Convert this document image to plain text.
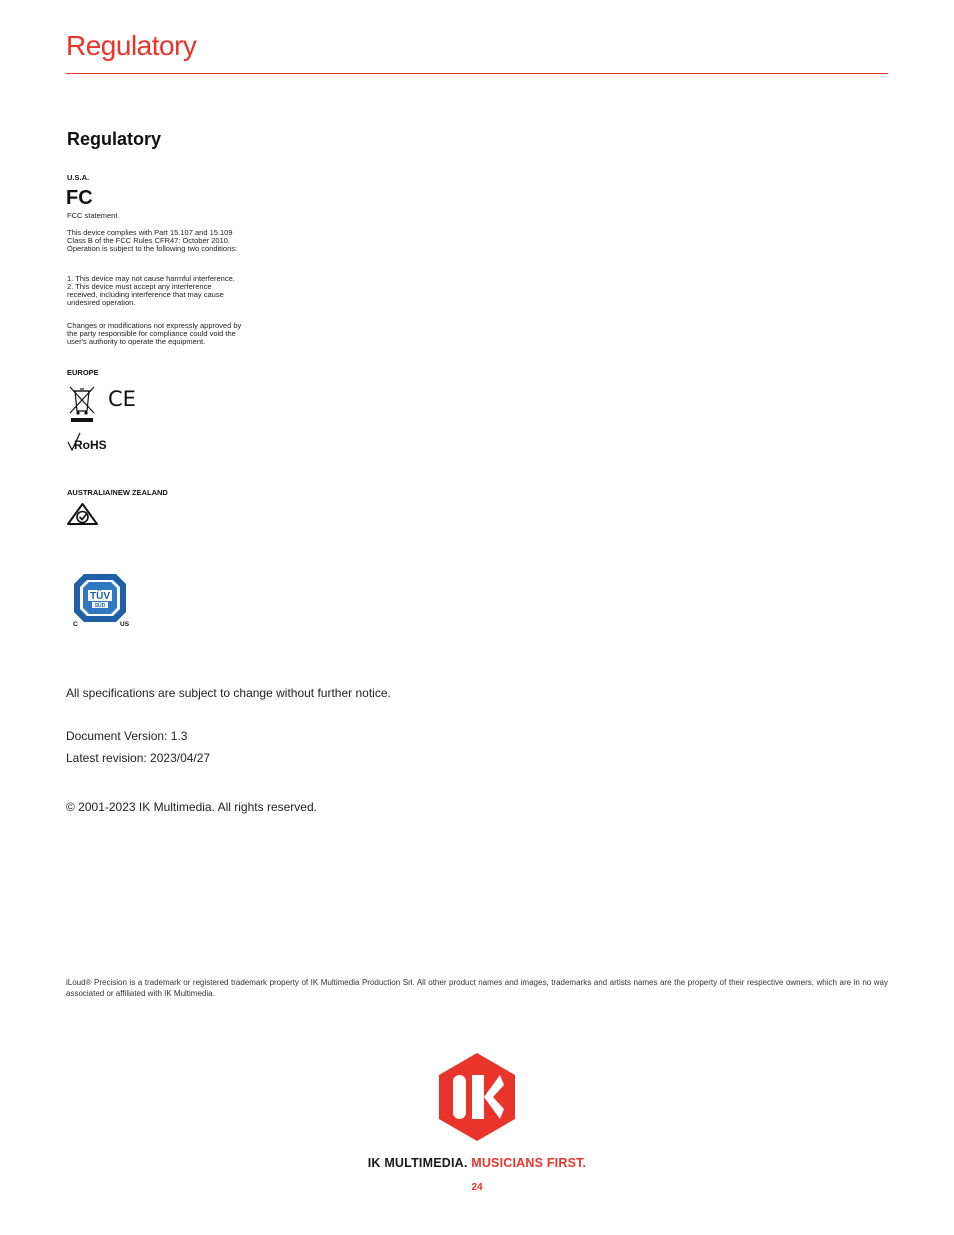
Regulatory
Regulatory
U.S.A.
FC
FCC statement
This device complies with Part 15.107 and 15.109 Class B of the FCC Rules CFR47: October 2010. Operation is subject to the following two conditions:
1. This device may not cause harmful interference. 2. This device must accept any interference received, including interference that may cause undesired operation.
Changes or modifications not expressly approved by the party responsible for compliance could void the user's authority to operate the equipment.
EUROPE
CE
RoHS
AUSTRALIA/NEW ZEALAND
TÜV
SÜD
C	US
All specifications are subject to change without further notice.
Document Version: 1.3
Latest revision: 2023/04/27
© 2001-2023 IK Multimedia. All rights reserved.
iLoud® Precision is a trademark or registered trademark property of IK Multimedia Production Srl. All other product names and images, trademarks and artists names are the property of their respective owners, which are in no way associated or affiliated with IK Multimedia.
IK MULTIMEDIA. MUSICIANS FIRST.
24
